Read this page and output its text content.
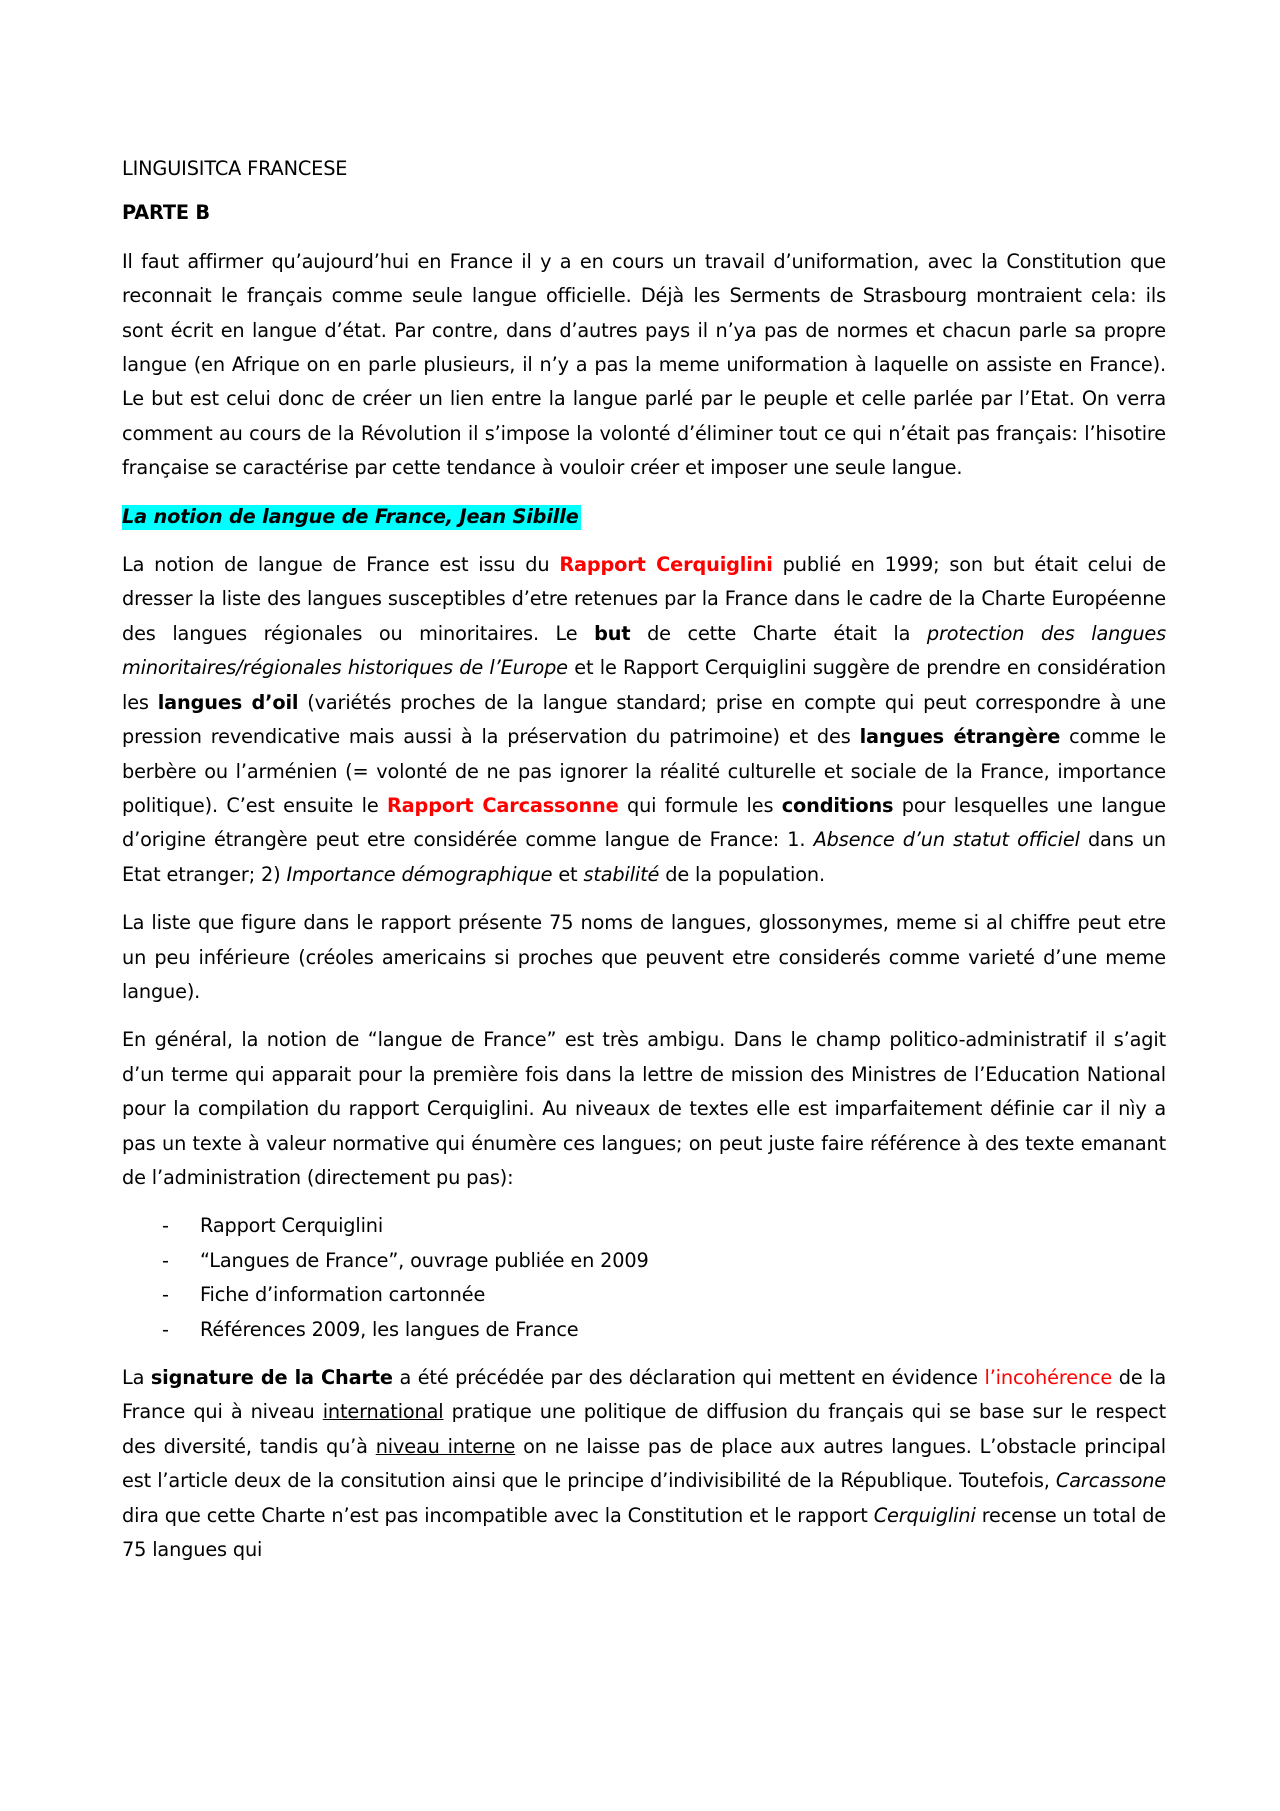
LINGUISITCA FRANCESE

PARTE B

Il faut affirmer qu’aujourd’hui en France il y a en cours un travail d’uniformation, avec la Constitution que reconnait le français comme seule langue officielle. Déjà les Serments de Strasbourg montraient cela: ils sont écrit en langue d’état. Par contre, dans d’autres pays il n’ya pas de normes et chacun parle sa propre langue (en Afrique on en parle plusieurs, il n’y a pas la meme uniformation à laquelle on assiste en France). Le but est celui donc de créer un lien entre la langue parlé par le peuple et celle parlée par l’Etat. On verra comment au cours de la Révolution il s’impose la volonté d’éliminer tout ce qui n’était pas français: l’hisotire française se caractérise par cette tendance à vouloir créer et imposer une seule langue.

La notion de langue de France, Jean Sibille

La notion de langue de France est issu du Rapport Cerquiglini publié en 1999; son but était celui de dresser la liste des langues susceptibles d’etre retenues par la France dans le cadre de la Charte Européenne des langues régionales ou minoritaires. Le but de cette Charte était la protection des langues minoritaires/régionales historiques de l’Europe et le Rapport Cerquiglini suggère de prendre en considération les langues d’oil (variétés proches de la langue standard; prise en compte qui peut correspondre à une pression revendicative mais aussi à la préservation du patrimoine) et des langues étrangère comme le berbère ou l’arménien (= volonté de ne pas ignorer la réalité culturelle et sociale de la France, importance politique). C’est ensuite le Rapport Carcassonne qui formule les conditions pour lesquelles une langue d’origine étrangère peut etre considérée comme langue de France: 1. Absence d’un statut officiel dans un Etat etranger; 2) Importance démographique et stabilité de la population.

La liste que figure dans le rapport présente 75 noms de langues, glossonymes, meme si al chiffre peut etre un peu inférieure (créoles americains si proches que peuvent etre considerés comme varieté d’une meme langue).

En général, la notion de “langue de France” est très ambigu. Dans le champ politico-administratif il s’agit d’un terme qui apparait pour la première fois dans la lettre de mission des Ministres de l’Education National pour la compilation du rapport Cerquiglini. Au niveaux de textes elle est imparfaitement définie car il nìy a pas un texte à valeur normative qui énumère ces langues; on peut juste faire référence à des texte emanant de l’administration (directement pu pas):

- Rapport Cerquiglini
- “Langues de France”, ouvrage publiée en 2009
- Fiche d’information cartonnée
- Références 2009, les langues de France

La signature de la Charte a été précédée par des déclaration qui mettent en évidence l’incohérence de la France qui à niveau international pratique une politique de diffusion du français qui se base sur le respect des diversité, tandis qu’à niveau interne on ne laisse pas de place aux autres langues. L’obstacle principal est l’article deux de la consitution ainsi que le principe d’indivisibilité de la République. Toutefois, Carcassone dira que cette Charte n’est pas incompatible avec la Constitution et le rapport Cerquiglini recense un total de 75 langues qui
